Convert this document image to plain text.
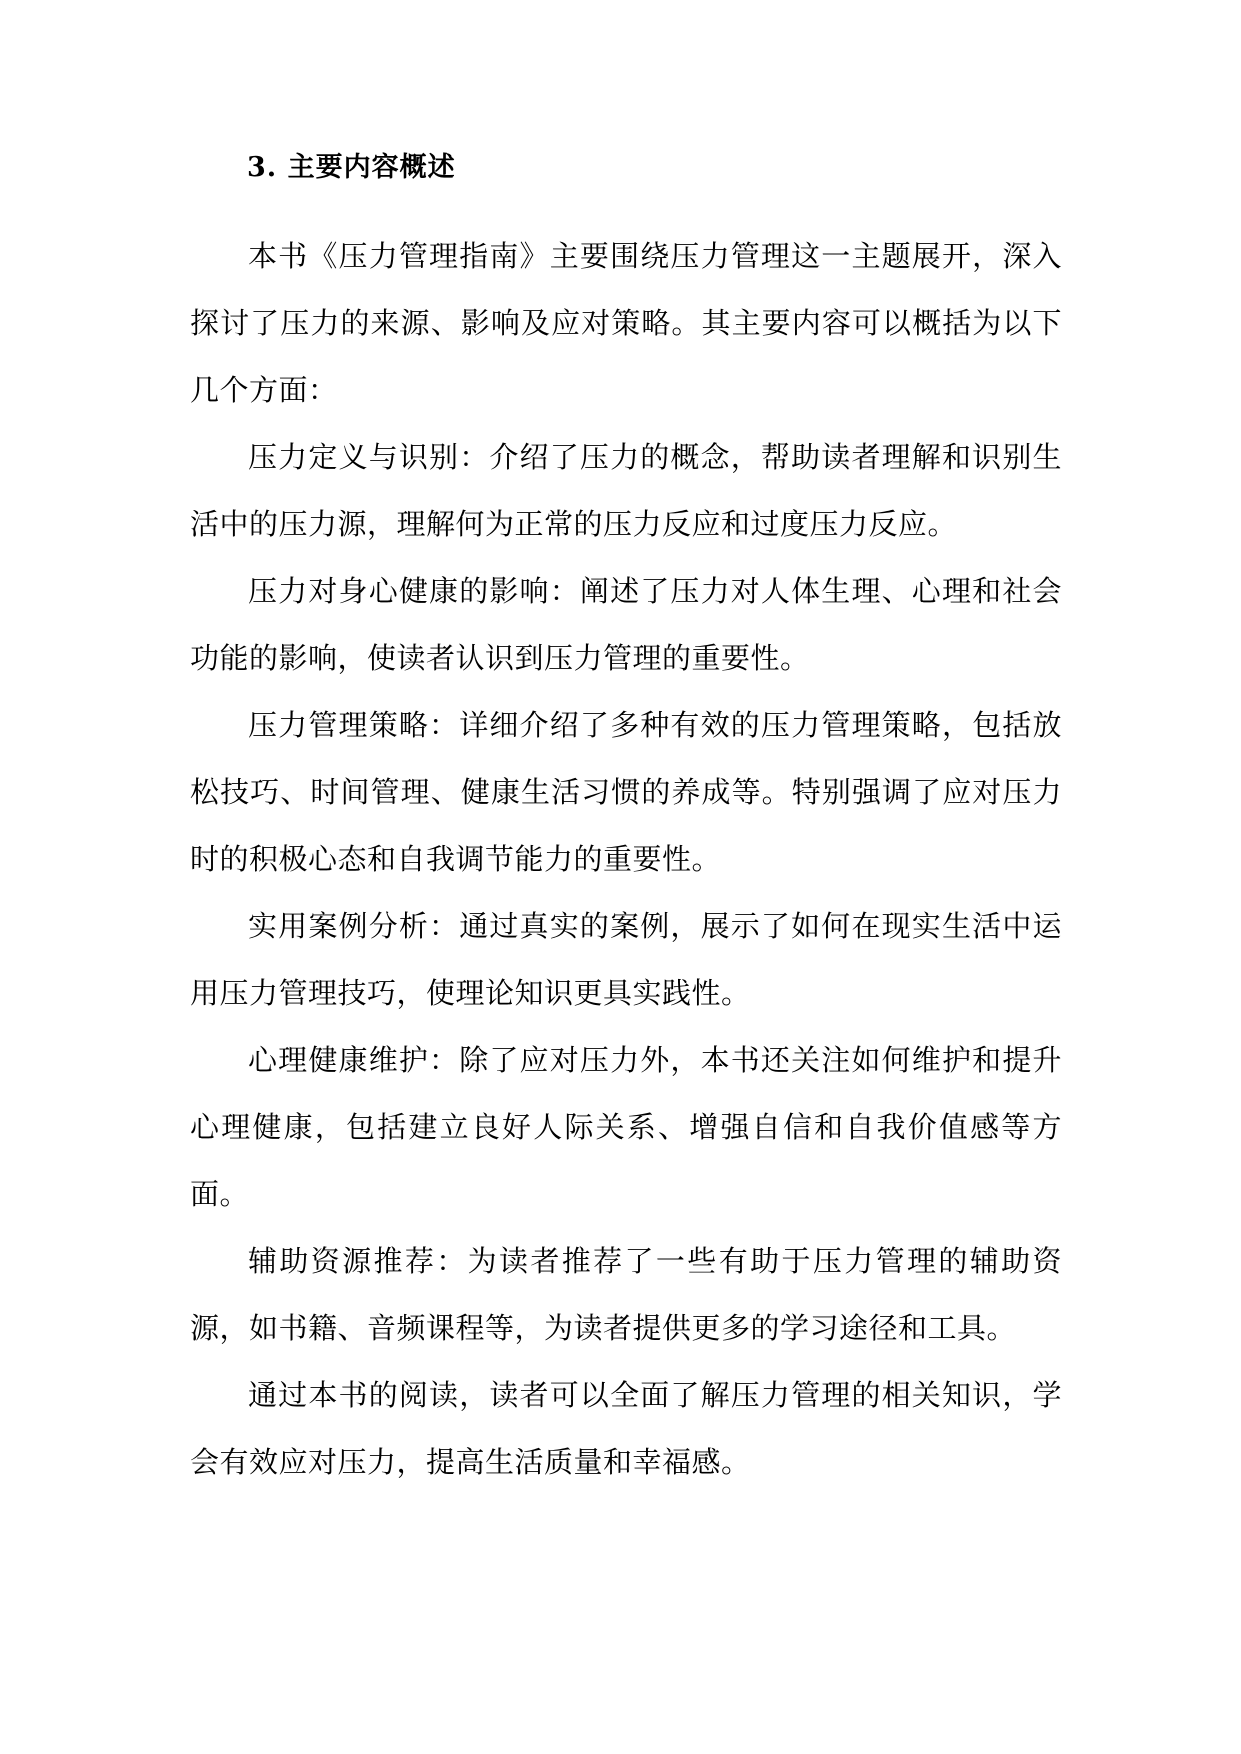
3. 主要内容概述

本书《压力管理指南》主要围绕压力管理这一主题展开，深入探讨了压力的来源、影响及应对策略。其主要内容可以概括为以下几个方面：

压力定义与识别：介绍了压力的概念，帮助读者理解和识别生活中的压力源，理解何为正常的压力反应和过度压力反应。

压力对身心健康的影响：阐述了压力对人体生理、心理和社会功能的影响，使读者认识到压力管理的重要性。

压力管理策略：详细介绍了多种有效的压力管理策略，包括放松技巧、时间管理、健康生活习惯的养成等。特别强调了应对压力时的积极心态和自我调节能力的重要性。

实用案例分析：通过真实的案例，展示了如何在现实生活中运用压力管理技巧，使理论知识更具实践性。

心理健康维护：除了应对压力外，本书还关注如何维护和提升心理健康，包括建立良好人际关系、增强自信和自我价值感等方面。

辅助资源推荐：为读者推荐了一些有助于压力管理的辅助资源，如书籍、音频课程等，为读者提供更多的学习途径和工具。

通过本书的阅读，读者可以全面了解压力管理的相关知识，学会有效应对压力，提高生活质量和幸福感。
